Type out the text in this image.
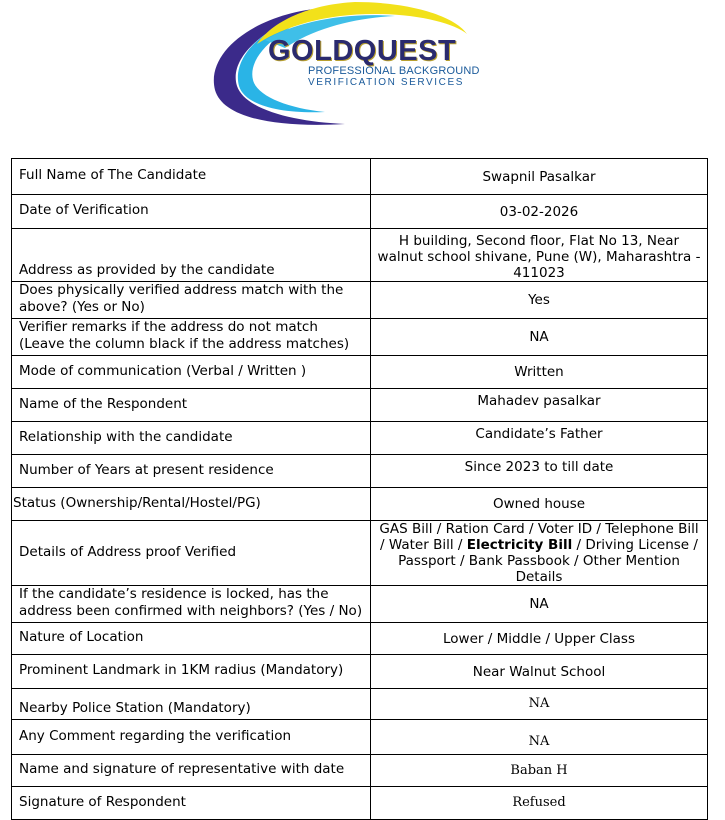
GOLDQUEST
PROFESSIONAL BACKGROUND
VERIFICATION SERVICES
Full Name of The Candidate	Swapnil Pasalkar
Date of Verification	03-02-2026
Address as provided by the candidate	H building, Second floor, Flat No 13, Near walnut school shivane, Pune (W), Maharashtra - 411023
Does physically verified address match with the above? (Yes or No)	Yes
Verifier remarks if the address do not match (Leave the column black if the address matches)	NA
Mode of communication (Verbal / Written )	Written
Name of the Respondent	Mahadev pasalkar
Relationship with the candidate	Candidate’s Father
Number of Years at present residence	Since 2023 to till date
Status (Ownership/Rental/Hostel/PG)	Owned house
Details of Address proof Verified	GAS Bill / Ration Card / Voter ID / Telephone Bill / Water Bill / Electricity Bill / Driving License / Passport / Bank Passbook / Other Mention Details
If the candidate’s residence is locked, has the address been confirmed with neighbors? (Yes / No)	NA
Nature of Location	Lower / Middle / Upper Class
Prominent Landmark in 1KM radius (Mandatory)	Near Walnut School
Nearby Police Station (Mandatory)	NA
Any Comment regarding the verification	NA
Name and signature of representative with date	Baban H
Signature of Respondent	Refused
